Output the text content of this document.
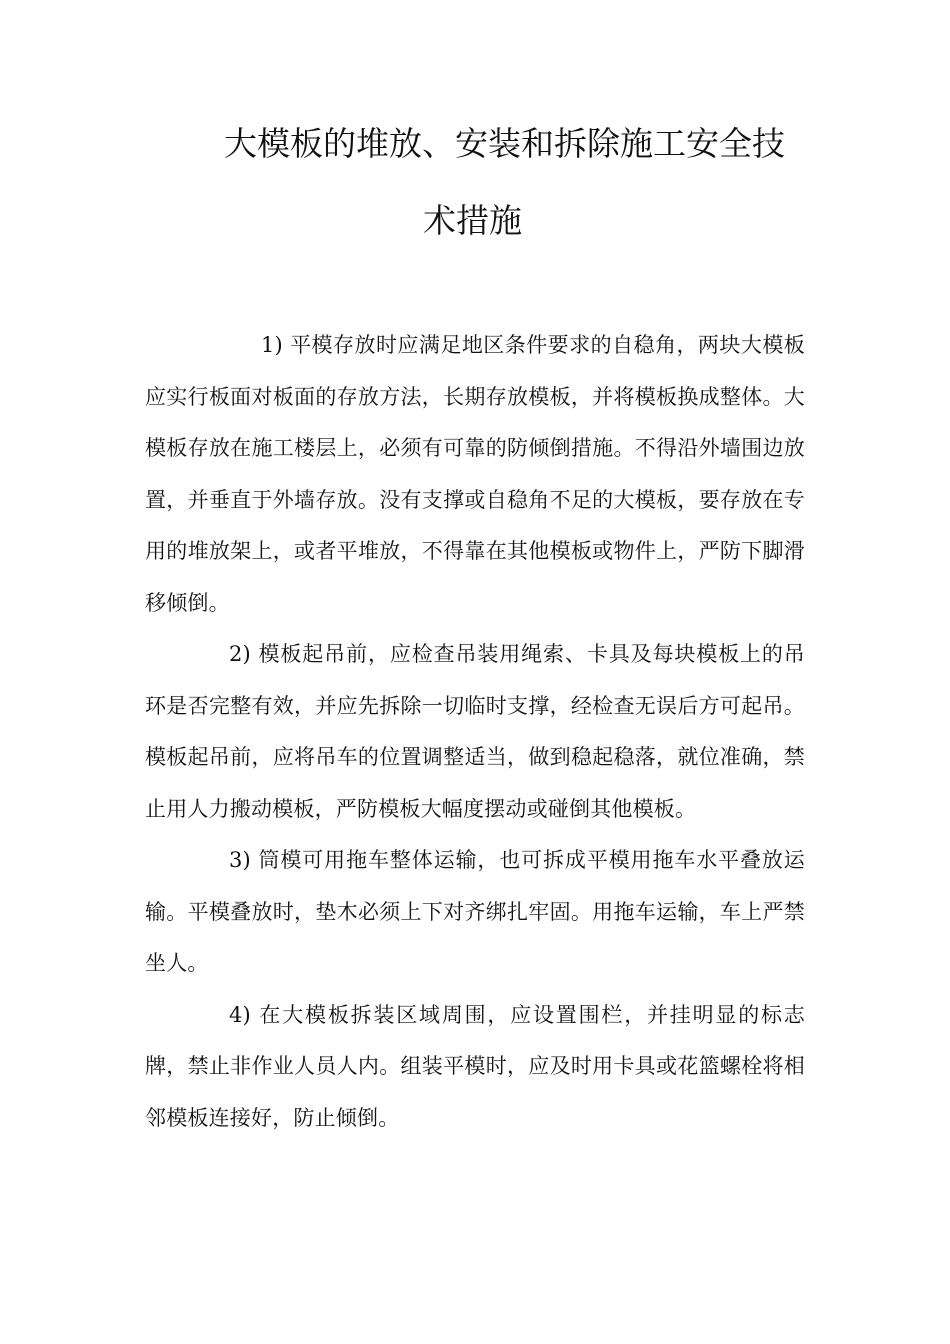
大模板的堆放、安装和拆除施工安全技
术措施

1) 平模存放时应满足地区条件要求的自稳角，两块大模板应实行板面对板面的存放方法，长期存放模板，并将模板换成整体。大模板存放在施工楼层上，必须有可靠的防倾倒措施。不得沿外墙围边放置，并垂直于外墙存放。没有支撑或自稳角不足的大模板，要存放在专用的堆放架上，或者平堆放，不得靠在其他模板或物件上，严防下脚滑移倾倒。

2) 模板起吊前，应检查吊装用绳索、卡具及每块模板上的吊环是否完整有效，并应先拆除一切临时支撑，经检查无误后方可起吊。模板起吊前，应将吊车的位置调整适当，做到稳起稳落，就位准确，禁止用人力搬动模板，严防模板大幅度摆动或碰倒其他模板。

3) 筒模可用拖车整体运输，也可拆成平模用拖车水平叠放运输。平模叠放时，垫木必须上下对齐绑扎牢固。用拖车运输，车上严禁坐人。

4) 在大模板拆装区域周围，应设置围栏，并挂明显的标志牌，禁止非作业人员人内。组装平模时，应及时用卡具或花篮螺栓将相邻模板连接好，防止倾倒。
